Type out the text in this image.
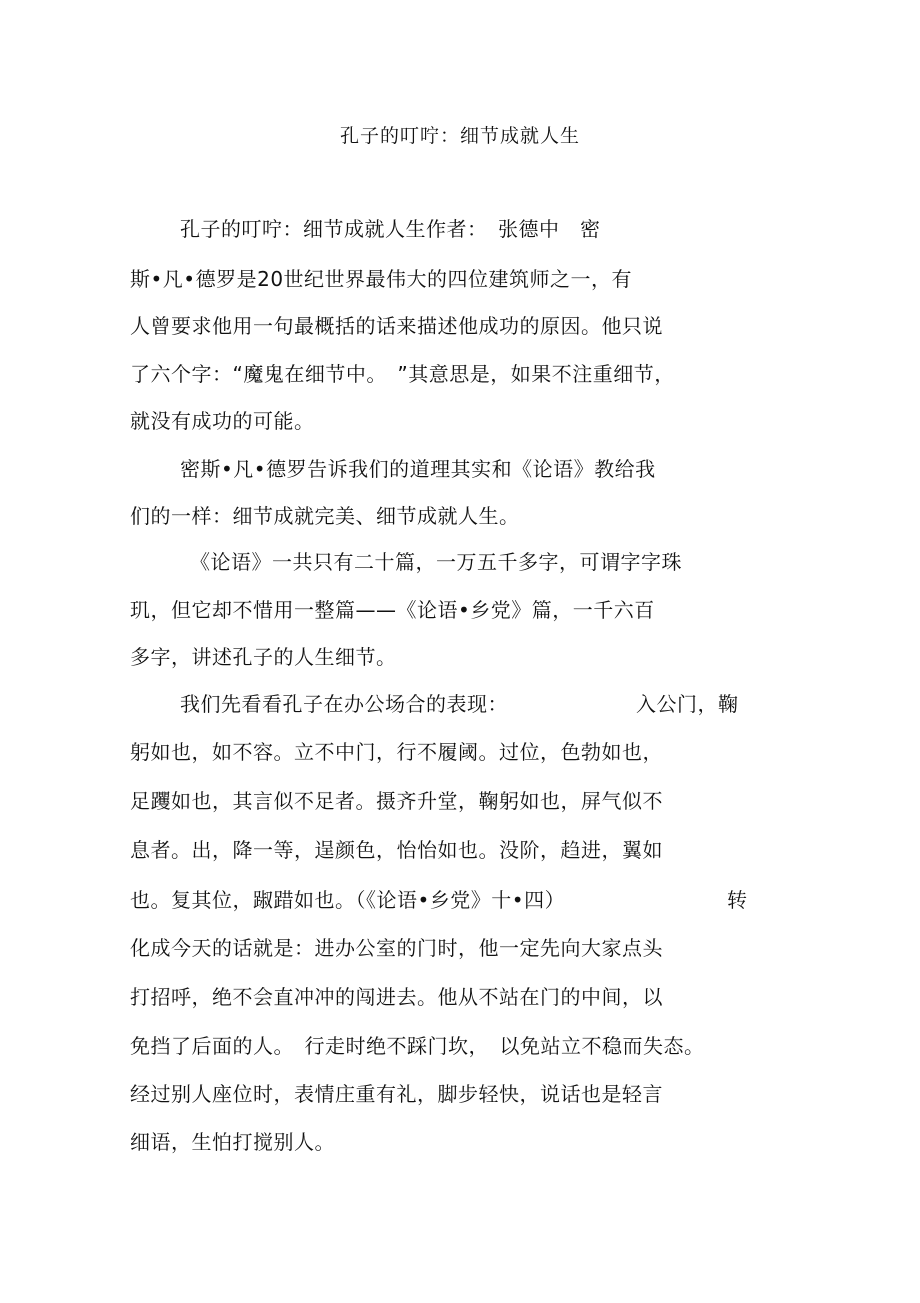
孔子的叮咛：细节成就人生
孔子的叮咛：细节成就人生作者：　张德中　密
斯•凡•德罗是20世纪世界最伟大的四位建筑师之一，有
人曾要求他用一句最概括的话来描述他成功的原因。他只说
了六个字：“魔鬼在细节中。　”其意思是，如果不注重细节，
就没有成功的可能。
密斯•凡•德罗告诉我们的道理其实和《论语》教给我
们的一样：细节成就完美、细节成就人生。
《论语》一共只有二十篇，一万五千多字，可谓字字珠
玑，但它却不惜用一整篇——《论语•乡党》篇，一千六百
多字，讲述孔子的人生细节。
我们先看看孔子在办公场合的表现：	入公门，鞠
躬如也，如不容。立不中门，行不履阈。过位，色勃如也，
足躩如也，其言似不足者。摄齐升堂，鞠躬如也，屏气似不
息者。出，降一等，逞颜色，怡怡如也。没阶，趋进，翼如
也。复其位，踧踖如也。（《论语•乡党》十•四）	转
化成今天的话就是：进办公室的门时，他一定先向大家点头
打招呼，绝不会直冲冲的闯进去。他从不站在门的中间，以
免挡了后面的人。　行走时绝不踩门坎，　以免站立不稳而失态。
经过别人座位时，表情庄重有礼，脚步轻快，说话也是轻言
细语，生怕打搅别人。
